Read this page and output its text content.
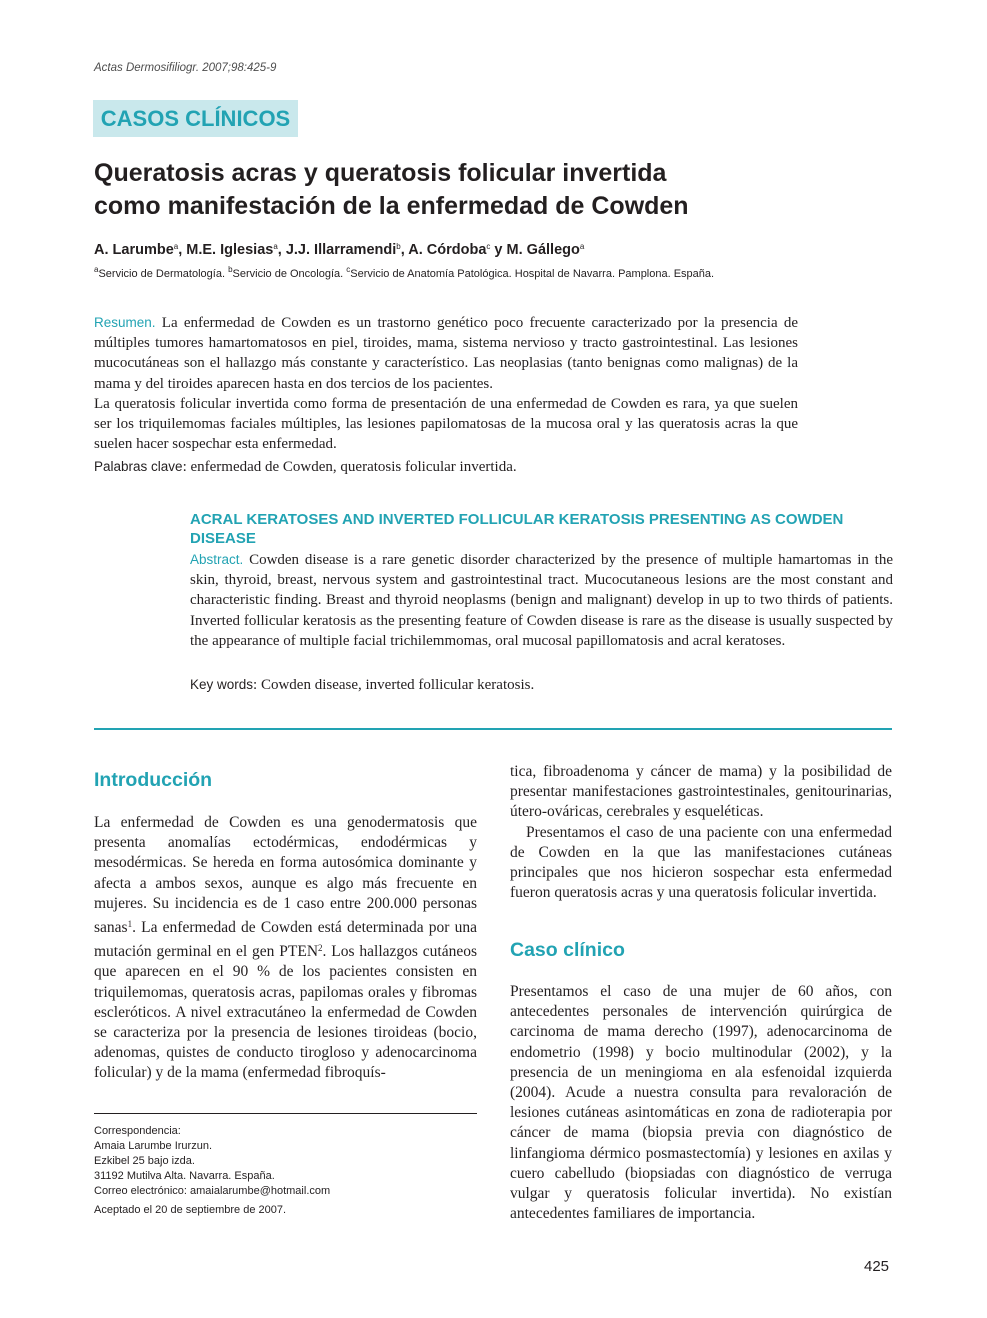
Actas Dermosifiliogr. 2007;98:425-9
CASOS CLÍNICOS
Queratosis acras y queratosis folicular invertida
como manifestación de la enfermedad de Cowden
A. Larumbe$^a$, M.E. Iglesias$^a$, J.J. Illarramendi$^b$, A. Córdoba$^c$ y M. Gállego$^a$
$^a$Servicio de Dermatología. $^b$Servicio de Oncología. $^c$Servicio de Anatomía Patológica. Hospital de Navarra. Pamplona. España.

Resumen. La enfermedad de Cowden es un trastorno genético poco frecuente caracterizado por la presencia de múltiples tumores hamartomatosos en piel, tiroides, mama, sistema nervioso y tracto gastrointestinal. Las lesiones mucocutáneas son el hallazgo más constante y característico. Las neoplasias (tanto benignas como malignas) de la mama y del tiroides aparecen hasta en dos tercios de los pacientes.

La queratosis folicular invertida como forma de presentación de una enfermedad de Cowden es rara, ya que suelen ser los triquilemomas faciales múltiples, las lesiones papilomatosas de la mucosa oral y las queratosis acras la que suelen hacer sospechar esta enfermedad.

Palabras clave: enfermedad de Cowden, queratosis folicular invertida.
ACRAL KERATOSES AND INVERTED FOLLICULAR KERATOSIS PRESENTING AS COWDEN DISEASE

Abstract. Cowden disease is a rare genetic disorder characterized by the presence of multiple hamartomas in the skin, thyroid, breast, nervous system and gastrointestinal tract. Mucocutaneous lesions are the most constant and characteristic finding. Breast and thyroid neoplasms (benign and malignant) develop in up to two thirds of patients. Inverted follicular keratosis as the presenting feature of Cowden disease is rare as the disease is usually suspected by the appearance of multiple facial trichilemmomas, oral mucosal papillomatosis and acral keratoses.

Key words: Cowden disease, inverted follicular keratosis.
Introducción

La enfermedad de Cowden es una genodermatosis que presenta anomalías ectodérmicas, endodérmicas y mesodérmicas. Se hereda en forma autosómica dominante y afecta a ambos sexos, aunque es algo más frecuente en mujeres. Su incidencia es de 1 caso entre 200.000 personas sanas$^1$. La enfermedad de Cowden está determinada por una mutación germinal en el gen PTEN$^2$. Los hallazgos cutáneos que aparecen en el 90 % de los pacientes consisten en triquilemomas, queratosis acras, papilomas orales y fibromas escleróticos. A nivel extracutáneo la enfermedad de Cowden se caracteriza por la presencia de lesiones tiroideas (bocio, adenomas, quistes de conducto tirogloso y adenocarcinoma folicular) y de la mama (enfermedad fibroquís-

Correspondencia:
Amaia Larumbe Irurzun.
Ezkibel 25 bajo izda.
31192 Mutilva Alta. Navarra. España.
Correo electrónico: amaialarumbe@hotmail.com
Aceptado el 20 de septiembre de 2007.

tica, fibroadenoma y cáncer de mama) y la posibilidad de presentar manifestaciones gastrointestinales, genitourinarias, útero-ováricas, cerebrales y esqueléticas.

Presentamos el caso de una paciente con una enfermedad de Cowden en la que las manifestaciones cutáneas principales que nos hicieron sospechar esta enfermedad fueron queratosis acras y una queratosis folicular invertida.

Caso clínico

Presentamos el caso de una mujer de 60 años, con antecedentes personales de intervención quirúrgica de carcinoma de mama derecho (1997), adenocarcinoma de endometrio (1998) y bocio multinodular (2002), y la presencia de un meningioma en ala esfenoidal izquierda (2004). Acude a nuestra consulta para revaloración de lesiones cutáneas asintomáticas en zona de radioterapia por cáncer de mama (biopsia previa con diagnóstico de linfangioma dérmico posmastectomía) y lesiones en axilas y cuero cabelludo (biopsiadas con diagnóstico de verruga vulgar y queratosis folicular invertida). No existían antecedentes familiares de importancia.

425
